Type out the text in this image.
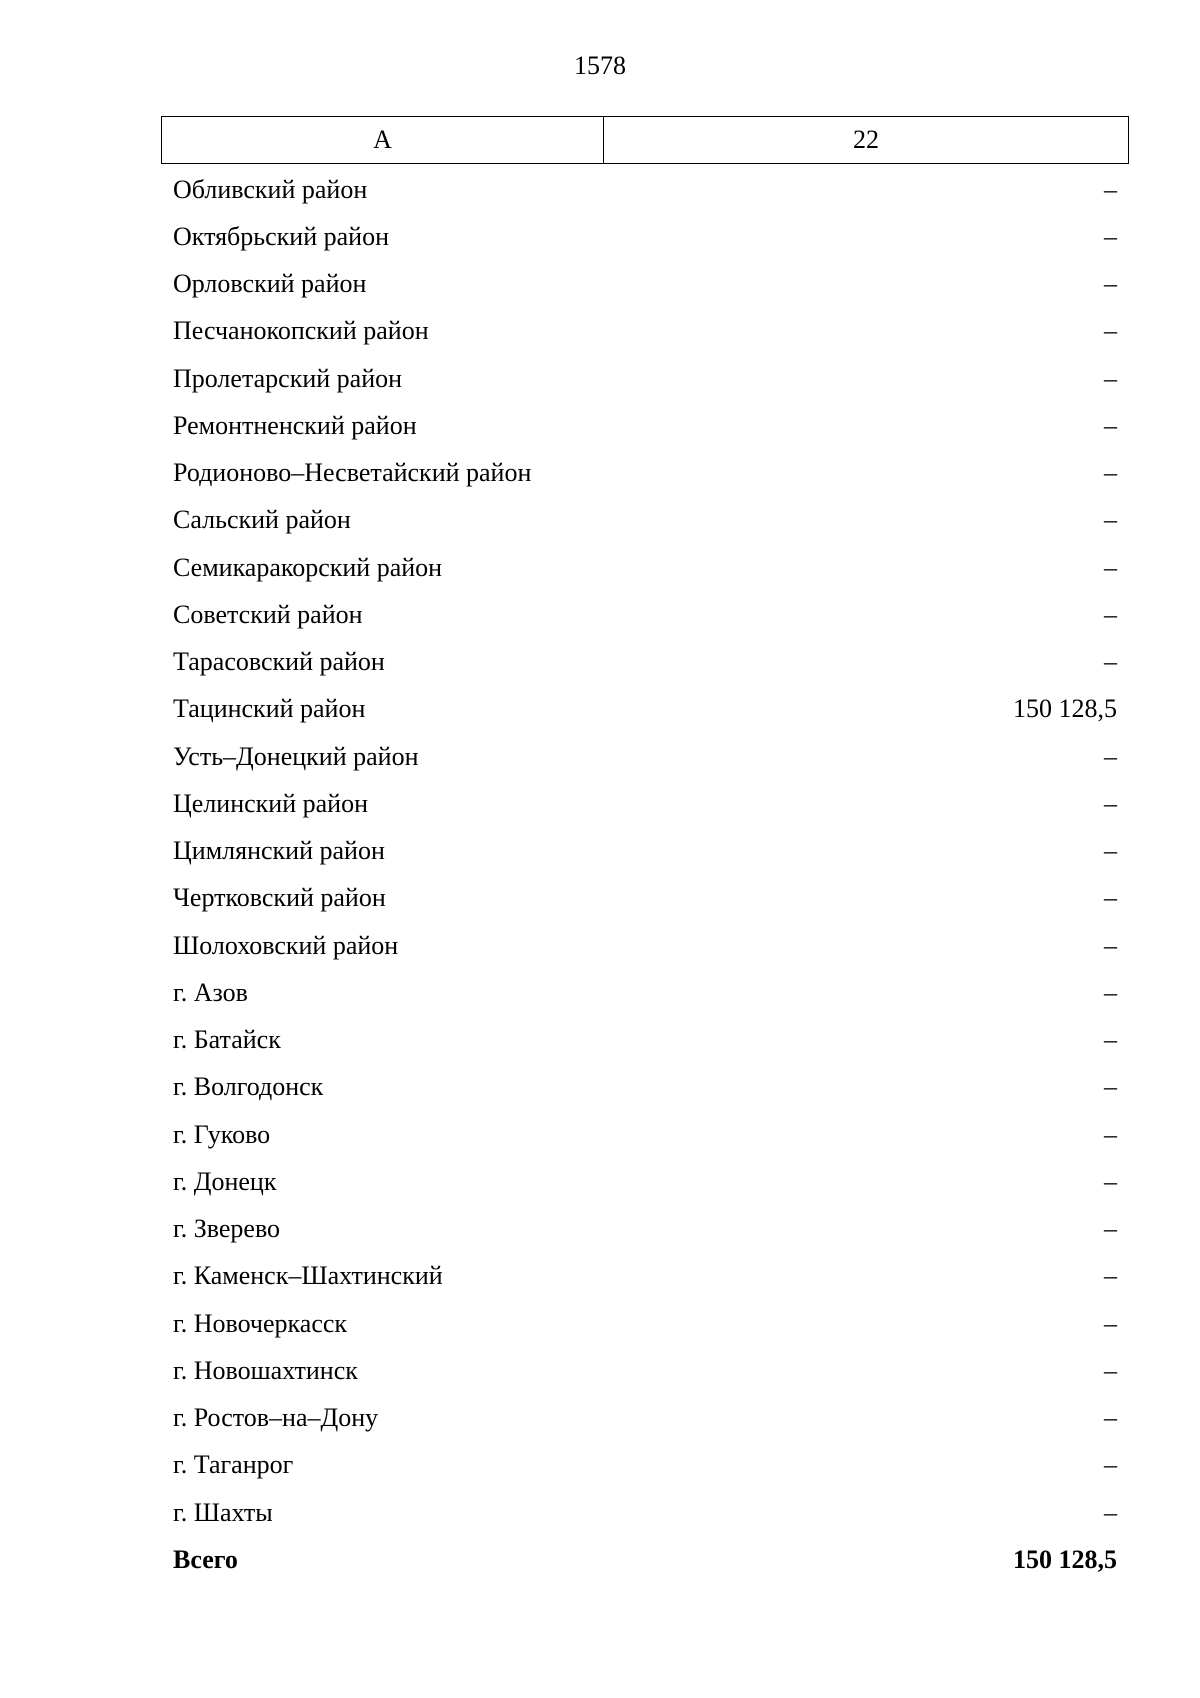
1578
А	22
Обливский район	–
Октябрьский район	–
Орловский район	–
Песчанокопский район	–
Пролетарский район	–
Ремонтненский район	–
Родионово–Несветайский район	–
Сальский район	–
Семикаракорский район	–
Советский район	–
Тарасовский район	–
Тацинский район	150 128,5
Усть–Донецкий район	–
Целинский район	–
Цимлянский район	–
Чертковский район	–
Шолоховский район	–
г. Азов	–
г. Батайск	–
г. Волгодонск	–
г. Гуково	–
г. Донецк	–
г. Зверево	–
г. Каменск–Шахтинский	–
г. Новочеркасск	–
г. Новошахтинск	–
г. Ростов–на–Дону	–
г. Таганрог	–
г. Шахты	–
Всего	150 128,5
